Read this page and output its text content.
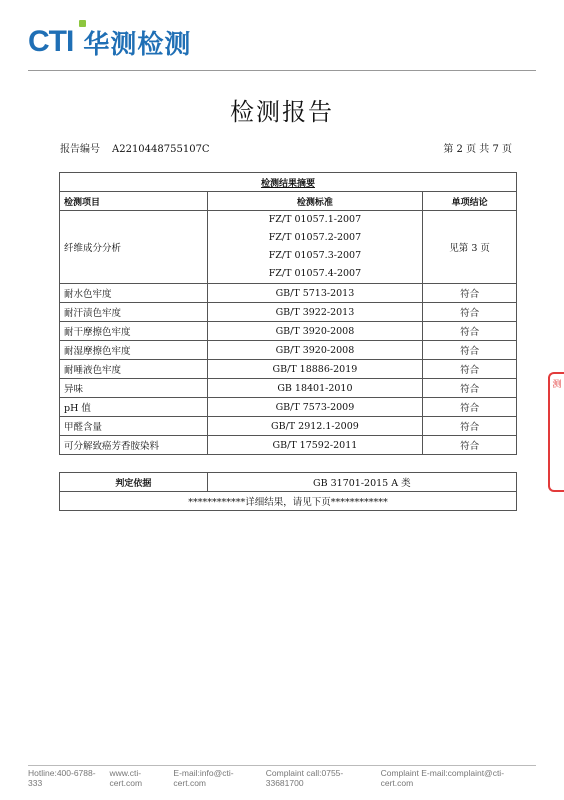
CTI 华测检测
检测报告
报告编号 A2210448755107C	第 2 页 共 7 页
检测结果摘要		
检测项目	检测标准	单项结论
纤维成分分析	FZ/T 01057.1-2007
FZ/T 01057.2-2007
FZ/T 01057.3-2007
FZ/T 01057.4-2007	见第 3 页
耐水色牢度	GB/T 5713-2013	符合
耐汗渍色牢度	GB/T 3922-2013	符合
耐干摩擦色牢度	GB/T 3920-2008	符合
耐湿摩擦色牢度	GB/T 3920-2008	符合
耐唾液色牢度	GB/T 18886-2019	符合
异味	GB 18401-2010	符合
pH 值	GB/T 7573-2009	符合
甲醛含量	GB/T 2912.1-2009	符合
可分解致癌芳香胺染料	GB/T 17592-2011	符合
判定依据	GB 31701-2015 A 类
************详细结果，请见下页************
测
Hotline:400-6788-333
www.cti-cert.com
E-mail:info@cti-cert.com
Complaint call:0755-33681700
Complaint E-mail:complaint@cti-cert.com
